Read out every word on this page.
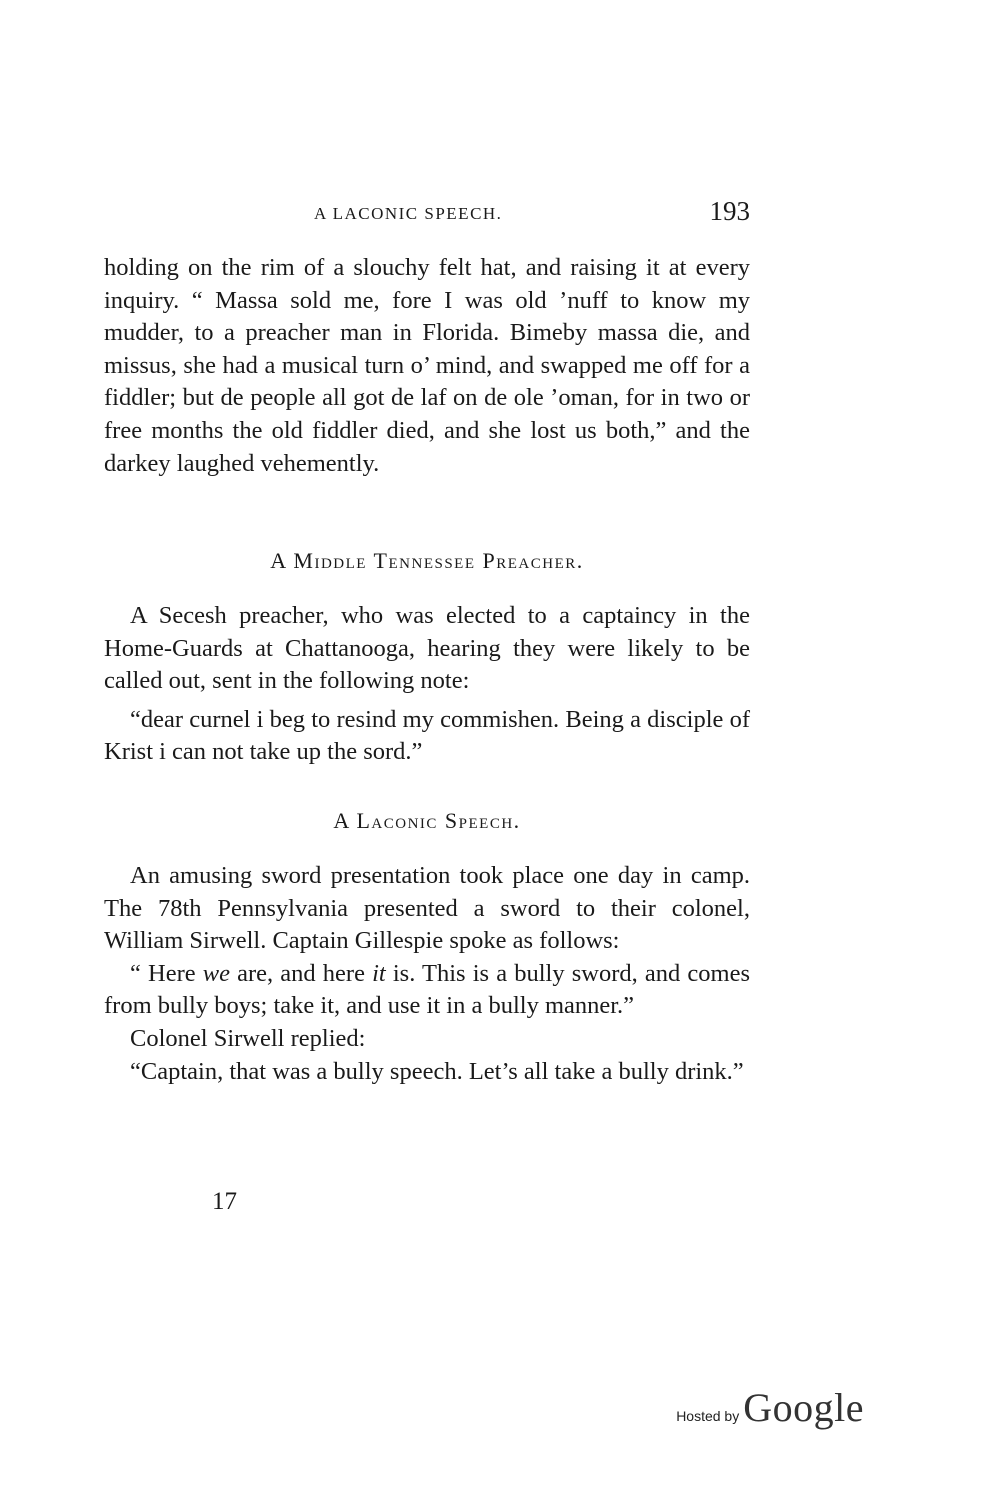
A LACONIC SPEECH.	193

holding on the rim of a slouchy felt hat, and raising it at every inquiry. “ Massa sold me, fore I was old ’nuff to know my mudder, to a preacher man in Florida. Bimeby massa die, and missus, she had a musical turn o’ mind, and swapped me off for a fiddler; but de people all got de laf on de ole ’oman, for in two or free months the old fiddler died, and she lost us both,” and the darkey laughed vehemently.

A Middle Tennessee Preacher.

A Secesh preacher, who was elected to a captaincy in the Home-Guards at Chattanooga, hearing they were likely to be called out, sent in the following note:

“dear curnel i beg to resind my commishen. Being a disciple of Krist i can not take up the sord.”

A Laconic Speech.

An amusing sword presentation took place one day in camp. The 78th Pennsylvania presented a sword to their colonel, William Sirwell. Captain Gillespie spoke as follows:

“ Here we are, and here it is. This is a bully sword, and comes from bully boys; take it, and use it in a bully manner.”

Colonel Sirwell replied:

“Captain, that was a bully speech. Let’s all take a bully drink.”

17
Hosted by Google
